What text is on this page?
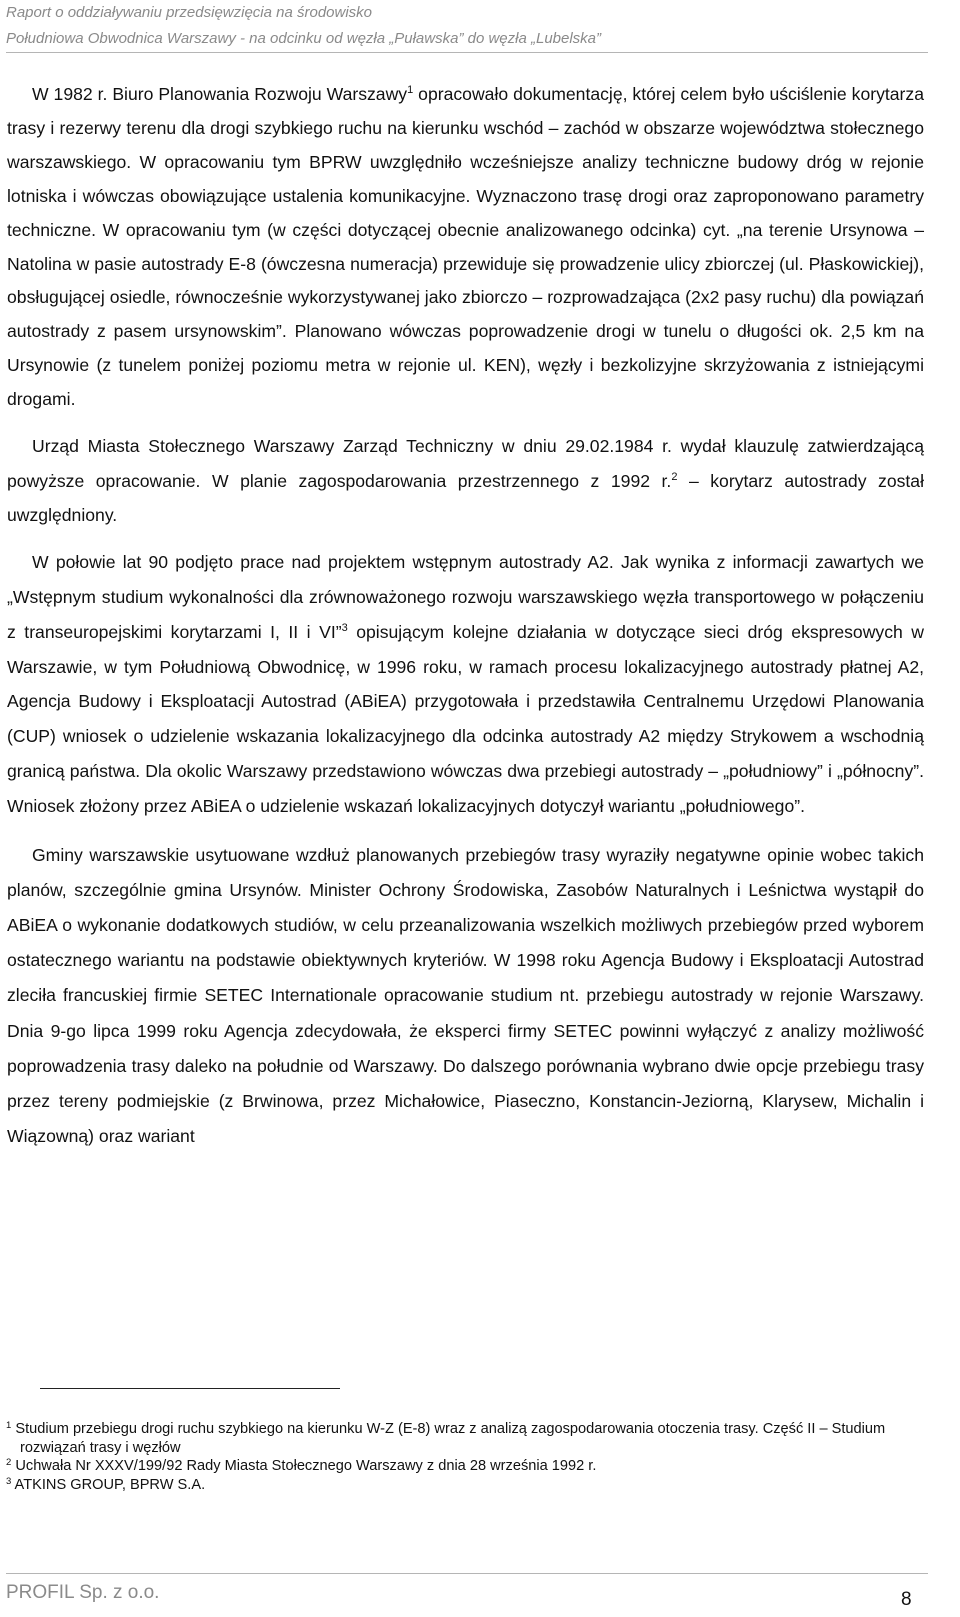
Raport o oddziaływaniu przedsięwzięcia na środowisko
Południowa Obwodnica Warszawy - na odcinku od węzła „Puławska” do węzła „Lubelska”

W 1982 r. Biuro Planowania Rozwoju Warszawy$^1$ opracowało dokumentację, której celem było uściślenie korytarza trasy i rezerwy terenu dla drogi szybkiego ruchu na kierunku wschód – zachód w obszarze województwa stołecznego warszawskiego. W opracowaniu tym BPRW uwzględniło wcześniejsze analizy techniczne budowy dróg w rejonie lotniska i wówczas obowiązujące ustalenia komunikacyjne. Wyznaczono trasę drogi oraz zaproponowano parametry techniczne. W opracowaniu tym (w części dotyczącej obecnie analizowanego odcinka) cyt. „na terenie Ursynowa – Natolina w pasie autostrady E-8 (ówczesna numeracja) przewiduje się prowadzenie ulicy zbiorczej (ul. Płaskowickiej), obsługującej osiedle, równocześnie wykorzystywanej jako zbiorczo – rozprowadzająca (2x2 pasy ruchu) dla powiązań autostrady z pasem ursynowskim”. Planowano wówczas poprowadzenie drogi w tunelu o długości ok. 2,5 km na Ursynowie (z tunelem poniżej poziomu metra w rejonie ul. KEN), węzły i bezkolizyjne skrzyżowania z istniejącymi drogami.

Urząd Miasta Stołecznego Warszawy Zarząd Techniczny w dniu 29.02.1984 r. wydał klauzulę zatwierdzającą powyższe opracowanie. W planie zagospodarowania przestrzennego z 1992 r.$^2$ – korytarz autostrady został uwzględniony.

W połowie lat 90 podjęto prace nad projektem wstępnym autostrady A2. Jak wynika z informacji zawartych we „Wstępnym studium wykonalności dla zrównoważonego rozwoju warszawskiego węzła transportowego w połączeniu z transeuropejskimi korytarzami I, II i VI”$^3$ opisującym kolejne działania w dotyczące sieci dróg ekspresowych w Warszawie, w tym Południową Obwodnicę, w 1996 roku, w ramach procesu lokalizacyjnego autostrady płatnej A2, Agencja Budowy i Eksploatacji Autostrad (ABiEA) przygotowała i przedstawiła Centralnemu Urzędowi Planowania (CUP) wniosek o udzielenie wskazania lokalizacyjnego dla odcinka autostrady A2 między Strykowem a wschodnią granicą państwa. Dla okolic Warszawy przedstawiono wówczas dwa przebiegi autostrady – „południowy” i „północny”. Wniosek złożony przez ABiEA o udzielenie wskazań lokalizacyjnych dotyczył wariantu „południowego”.

Gminy warszawskie usytuowane wzdłuż planowanych przebiegów trasy wyraziły negatywne opinie wobec takich planów, szczególnie gmina Ursynów. Minister Ochrony Środowiska, Zasobów Naturalnych i Leśnictwa wystąpił do ABiEA o wykonanie dodatkowych studiów, w celu przeanalizowania wszelkich możliwych przebiegów przed wyborem ostatecznego wariantu na podstawie obiektywnych kryteriów. W 1998 roku Agencja Budowy i Eksploatacji Autostrad zleciła francuskiej firmie SETEC Internationale opracowanie studium nt. przebiegu autostrady w rejonie Warszawy. Dnia 9-go lipca 1999 roku Agencja zdecydowała, że eksperci firmy SETEC powinni wyłączyć z analizy możliwość poprowadzenia trasy daleko na południe od Warszawy. Do dalszego porównania wybrano dwie opcje przebiegu trasy przez tereny podmiejskie (z Brwinowa, przez Michałowice, Piaseczno, Konstancin-Jeziorną, Klarysew, Michalin i Wiązowną) oraz wariant

$^1$ Studium przebiegu drogi ruchu szybkiego na kierunku W-Z (E-8) wraz z analizą zagospodarowania otoczenia trasy. Część II – Studium rozwiązań trasy i węzłów

$^2$ Uchwała Nr XXXV/199/92 Rady Miasta Stołecznego Warszawy z dnia 28 września 1992 r.

$^3$ ATKINS GROUP, BPRW S.A.

PROFIL Sp. z o.o.	8
